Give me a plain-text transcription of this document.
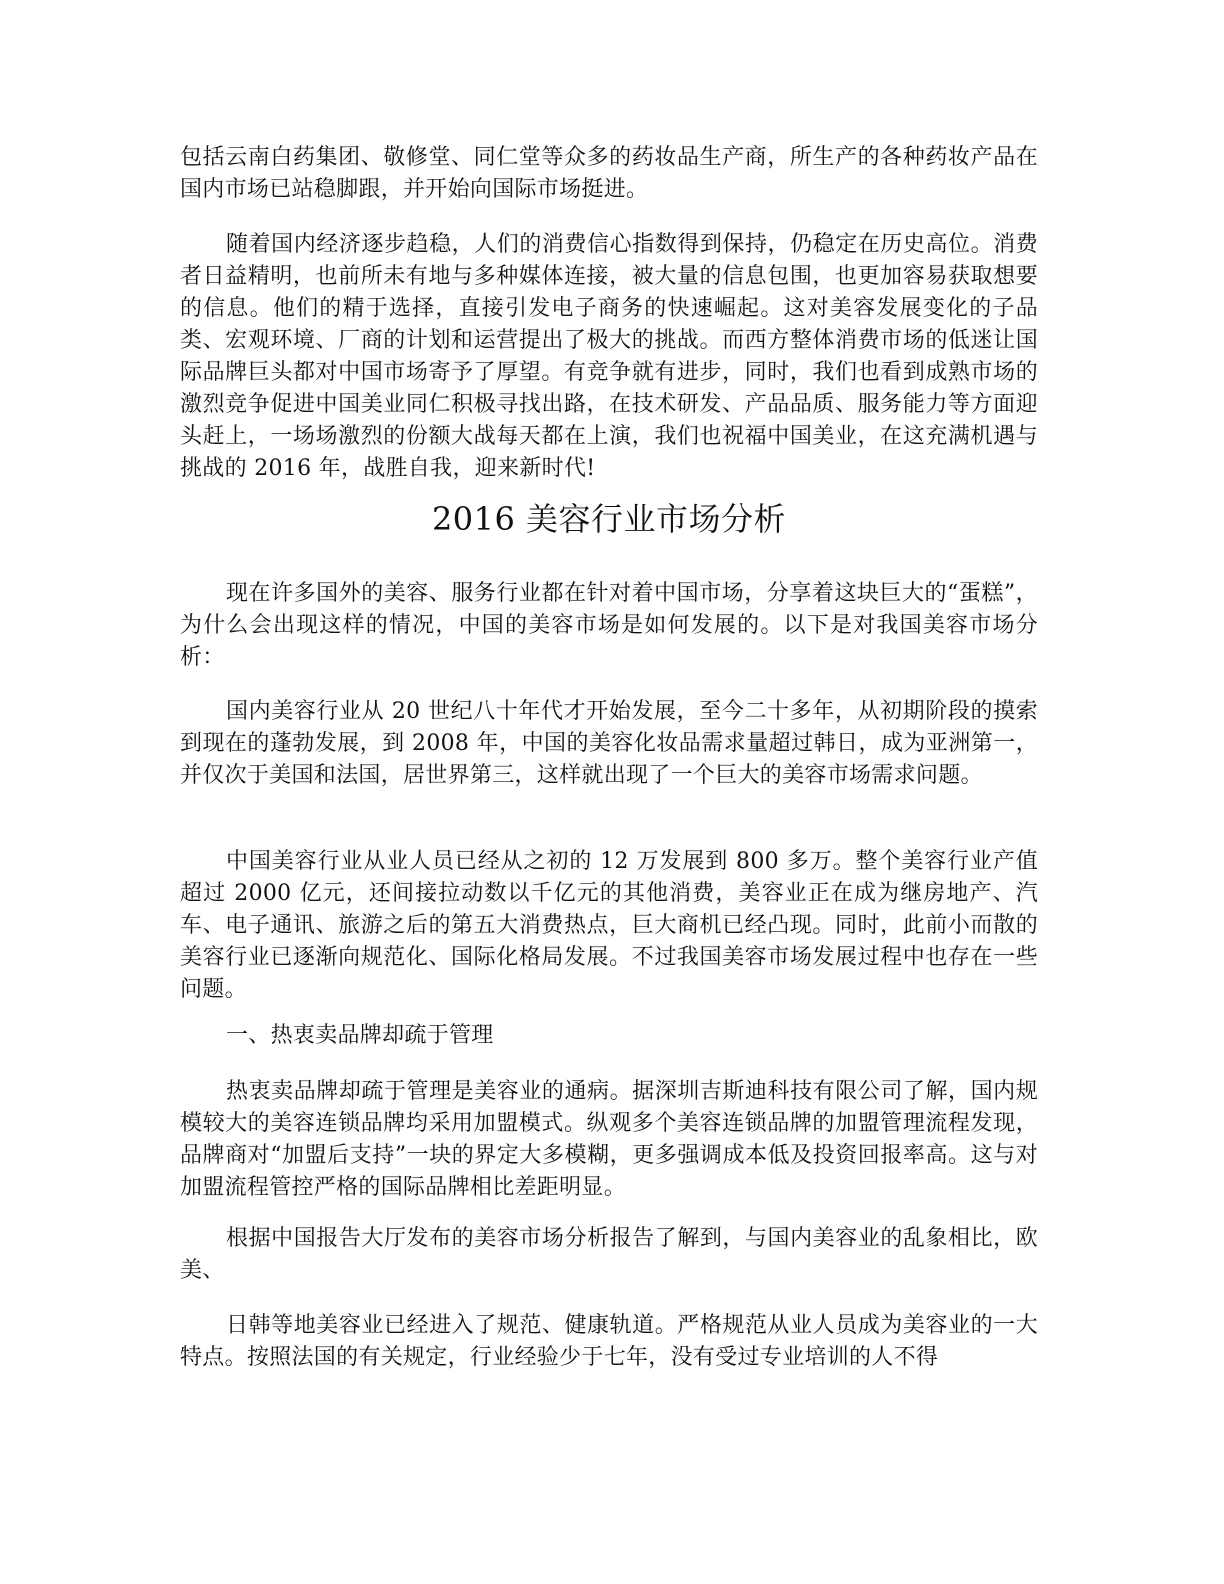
包括云南白药集团、敬修堂、同仁堂等众多的药妆品生产商，所生产的各种药妆产品在国内市场已站稳脚跟，并开始向国际市场挺进。

随着国内经济逐步趋稳，人们的消费信心指数得到保持，仍稳定在历史高位。消费者日益精明，也前所未有地与多种媒体连接，被大量的信息包围，也更加容易获取想要的信息。他们的精于选择，直接引发电子商务的快速崛起。这对美容发展变化的子品类、宏观环境、厂商的计划和运营提出了极大的挑战。而西方整体消费市场的低迷让国际品牌巨头都对中国市场寄予了厚望。有竞争就有进步，同时，我们也看到成熟市场的激烈竞争促进中国美业同仁积极寻找出路，在技术研发、产品品质、服务能力等方面迎头赶上，一场场激烈的份额大战每天都在上演，我们也祝福中国美业，在这充满机遇与挑战的 2016 年，战胜自我，迎来新时代!

2016 美容行业市场分析

现在许多国外的美容、服务行业都在针对着中国市场，分享着这块巨大的“蛋糕”，为什么会出现这样的情况，中国的美容市场是如何发展的。以下是对我国美容市场分析：

国内美容行业从 20 世纪八十年代才开始发展，至今二十多年，从初期阶段的摸索到现在的蓬勃发展，到 2008 年，中国的美容化妆品需求量超过韩日，成为亚洲第一，并仅次于美国和法国，居世界第三，这样就出现了一个巨大的美容市场需求问题。

中国美容行业从业人员已经从之初的 12 万发展到 800 多万。整个美容行业产值超过 2000 亿元，还间接拉动数以千亿元的其他消费，美容业正在成为继房地产、汽车、电子通讯、旅游之后的第五大消费热点，巨大商机已经凸现。同时，此前小而散的美容行业已逐渐向规范化、国际化格局发展。不过我国美容市场发展过程中也存在一些问题。

一、热衷卖品牌却疏于管理

热衷卖品牌却疏于管理是美容业的通病。据深圳吉斯迪科技有限公司了解，国内规模较大的美容连锁品牌均采用加盟模式。纵观多个美容连锁品牌的加盟管理流程发现，品牌商对“加盟后支持”一块的界定大多模糊，更多强调成本低及投资回报率高。这与对加盟流程管控严格的国际品牌相比差距明显。

根据中国报告大厅发布的美容市场分析报告了解到，与国内美容业的乱象相比，欧美、

日韩等地美容业已经进入了规范、健康轨道。严格规范从业人员成为美容业的一大特点。按照法国的有关规定，行业经验少于七年，没有受过专业培训的人不得
